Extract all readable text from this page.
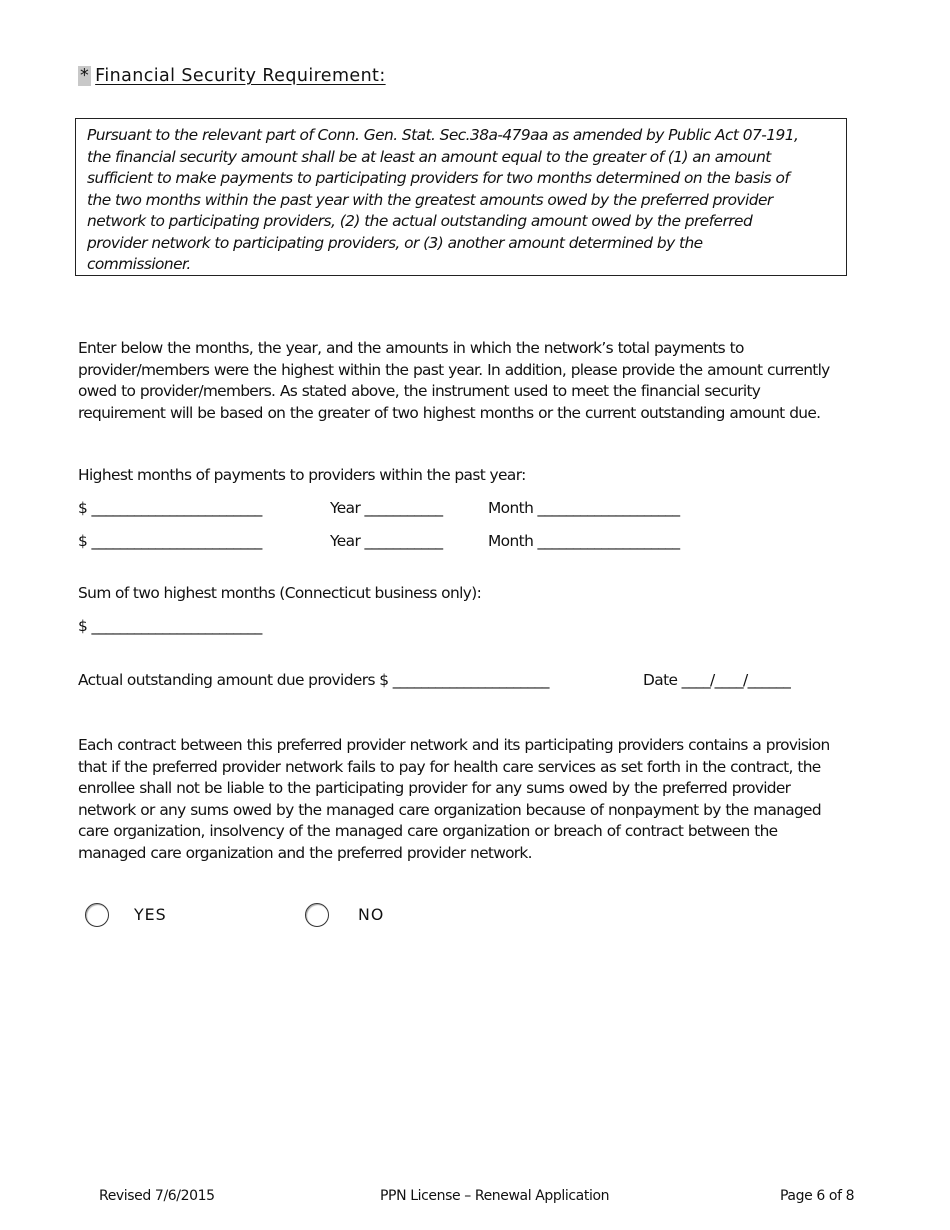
* Financial Security Requirement:

Pursuant to the relevant part of Conn. Gen. Stat. Sec.38a-479aa as amended by Public Act 07-191,

the financial security amount shall be at least an amount equal to the greater of (1) an amount

sufficient to make payments to participating providers for two months determined on the basis of

the two months within the past year with the greatest amounts owed by the preferred provider

network to participating providers, (2) the actual outstanding amount owed by the preferred

provider network to participating providers, or (3) another amount determined by the

commissioner.

Enter below the months, the year, and the amounts in which the network’s total payments to
provider/members were the highest within the past year. In addition, please provide the amount currently
owed to provider/members. As stated above, the instrument used to meet the financial security
requirement will be based on the greater of two highest months or the current outstanding amount due.
Highest months of payments to providers within the past year:
$ ________________________	Year ___________	Month ____________________
$ ________________________	Year ___________	Month ____________________
Sum of two highest months (Connecticut business only):
$ ________________________
Actual outstanding amount due providers $ ______________________	Date ____/____/______
Each contract between this preferred provider network and its participating providers contains a provision
that if the preferred provider network fails to pay for health care services as set forth in the contract, the
enrollee shall not be liable to the participating provider for any sums owed by the preferred provider
network or any sums owed by the managed care organization because of nonpayment by the managed
care organization, insolvency of the managed care organization or breach of contract between the
managed care organization and the preferred provider network.
YES	NO
Revised 7/6/2015	PPN License – Renewal Application	Page 6 of 8
